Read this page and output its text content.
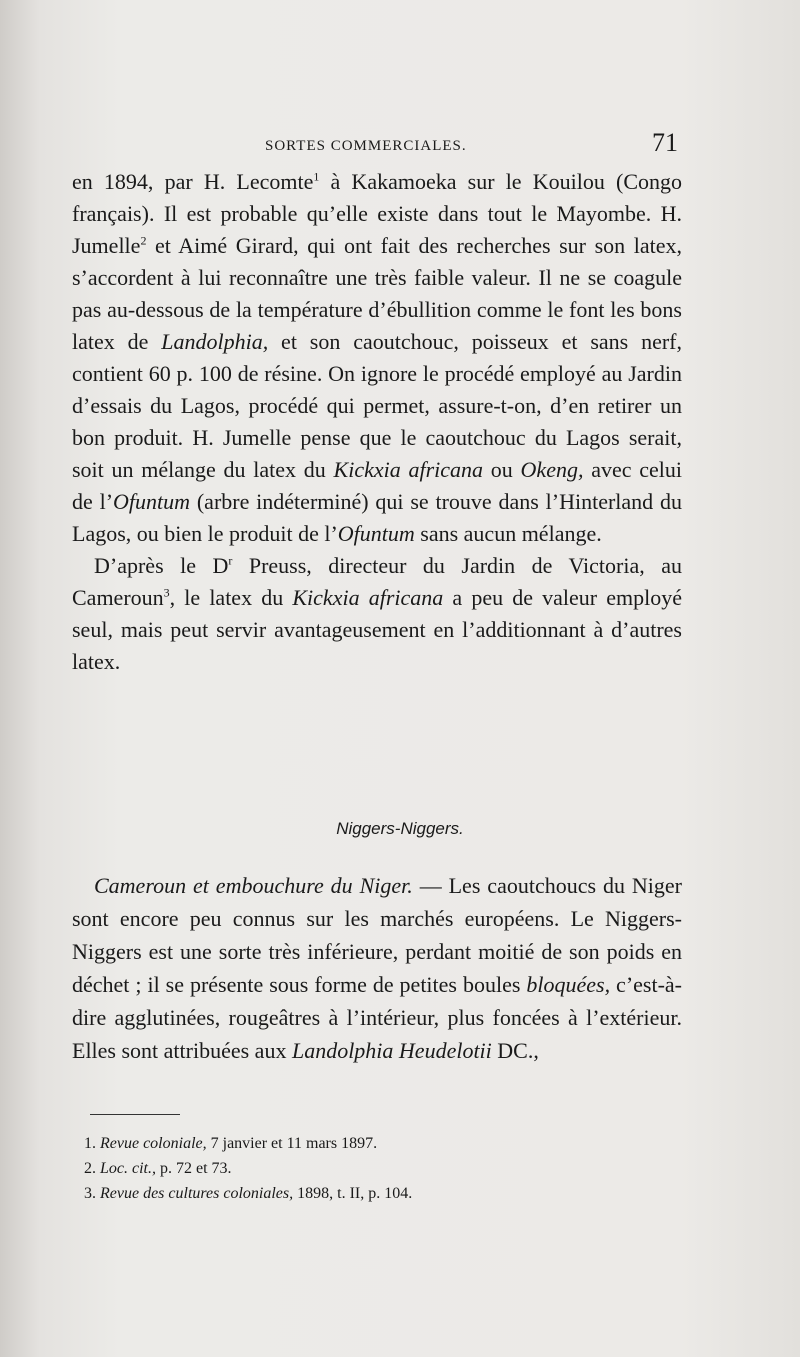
SORTES COMMERCIALES.	71

en 1894, par H. Lecomte$^1$ à Kakamoeka sur le Kouilou (Congo français). Il est probable qu’elle existe dans tout le Mayombe. H. Jumelle$^2$ et Aimé Girard, qui ont fait des recherches sur son latex, s’accordent à lui reconnaître une très faible valeur. Il ne se coagule pas au-dessous de la température d’ébullition comme le font les bons latex de Landolphia, et son caoutchouc, poisseux et sans nerf, contient 60 p. 100 de résine. On ignore le procédé employé au Jardin d’essais du Lagos, procédé qui permet, assure-t-on, d’en retirer un bon produit. H. Jumelle pense que le caoutchouc du Lagos serait, soit un mélange du latex du Kickxia africana ou Okeng, avec celui de l’Ofuntum (arbre indéterminé) qui se trouve dans l’Hinterland du Lagos, ou bien le produit de l’Ofuntum sans aucun mélange.

D’après le $D^r$ Preuss, directeur du Jardin de Victoria, au Cameroun$^3$, le latex du Kickxia africana a peu de valeur employé seul, mais peut servir avantageusement en l’additionnant à d’autres latex.

Niggers-Niggers.

Cameroun et embouchure du Niger. — Les caoutchoucs du Niger sont encore peu connus sur les marchés européens. Le Niggers-Niggers est une sorte très inférieure, perdant moitié de son poids en déchet ; il se présente sous forme de petites boules bloquées, c’est-à-dire agglutinées, rougeâtres à l’intérieur, plus foncées à l’extérieur. Elles sont attribuées aux Landolphia Heudelotii DC.,

1. Revue coloniale, 7 janvier et 11 mars 1897.
2. Loc. cit., p. 72 et 73.
3. Revue des cultures coloniales, 1898, t. II, p. 104.
